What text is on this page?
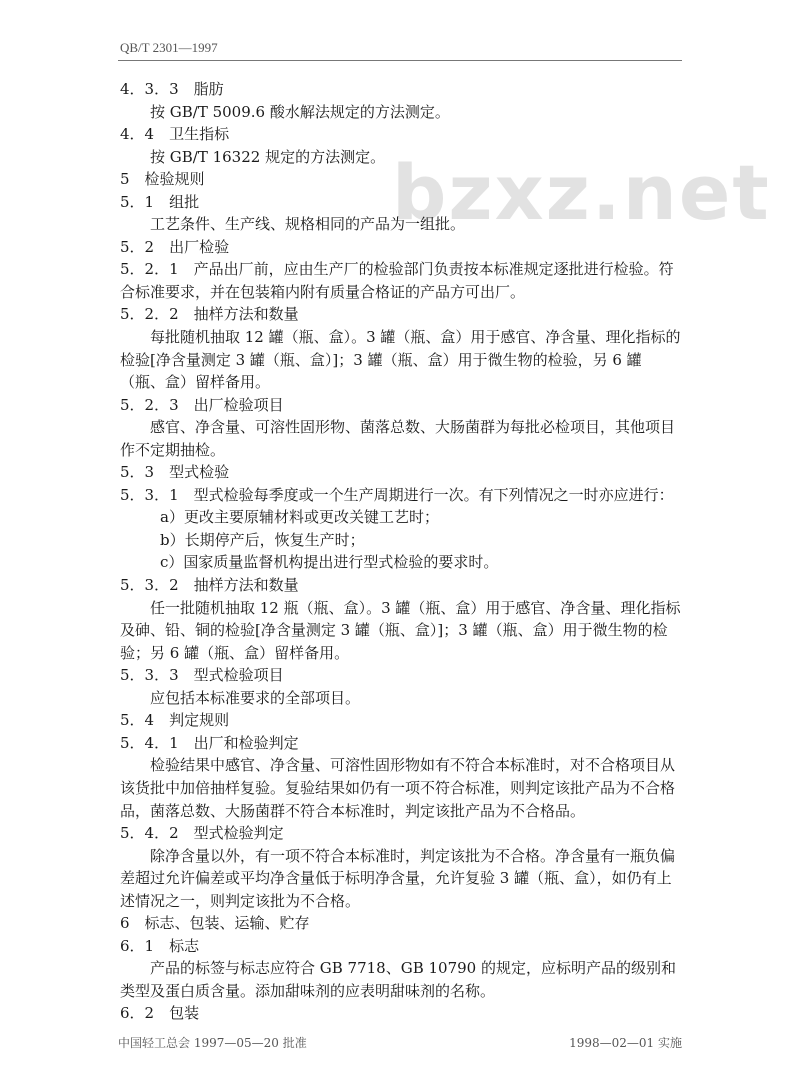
QB/T 2301—1997
bzxz.net

4．3．3　脂肪

按 GB/T 5009.6 酸水解法规定的方法测定。

4．4　卫生指标

按 GB/T 16322 规定的方法测定。

5　检验规则

5．1　组批

工艺条件、生产线、规格相同的产品为一组批。

5．2　出厂检验

5．2．1　产品出厂前，应由生产厂的检验部门负责按本标准规定逐批进行检验。符合标准要求，并在包装箱内附有质量合格证的产品方可出厂。

5．2．2　抽样方法和数量

每批随机抽取 12 罐（瓶、盒）。3 罐（瓶、盒）用于感官、净含量、理化指标的检验[净含量测定 3 罐（瓶、盒）]；3 罐（瓶、盒）用于微生物的检验，另 6 罐（瓶、盒）留样备用。

5．2．3　出厂检验项目

感官、净含量、可溶性固形物、菌落总数、大肠菌群为每批必检项目，其他项目作不定期抽检。

5．3　型式检验

5．3．1　型式检验每季度或一个生产周期进行一次。有下列情况之一时亦应进行：

a）更改主要原辅材料或更改关键工艺时；

b）长期停产后，恢复生产时；

c）国家质量监督机构提出进行型式检验的要求时。

5．3．2　抽样方法和数量

任一批随机抽取 12 瓶（瓶、盒）。3 罐（瓶、盒）用于感官、净含量、理化指标及砷、铅、铜的检验[净含量测定 3 罐（瓶、盒）]；3 罐（瓶、盒）用于微生物的检验；另 6 罐（瓶、盒）留样备用。

5．3．3　型式检验项目

应包括本标准要求的全部项目。

5．4　判定规则

5．4．1　出厂和检验判定

检验结果中感官、净含量、可溶性固形物如有不符合本标准时，对不合格项目从该货批中加倍抽样复验。复验结果如仍有一项不符合标准，则判定该批产品为不合格品，菌落总数、大肠菌群不符合本标准时，判定该批产品为不合格品。

5．4．2　型式检验判定

除净含量以外，有一项不符合本标准时，判定该批为不合格。净含量有一瓶负偏差超过允许偏差或平均净含量低于标明净含量，允许复验 3 罐（瓶、盒），如仍有上述情况之一，则判定该批为不合格。

6　标志、包装、运输、贮存

6．1　标志

产品的标签与标志应符合 GB 7718、GB 10790 的规定，应标明产品的级别和类型及蛋白质含量。添加甜味剂的应表明甜味剂的名称。

6．2　包装

中国轻工总会 1997—05—20 批准	1998—02—01 实施
